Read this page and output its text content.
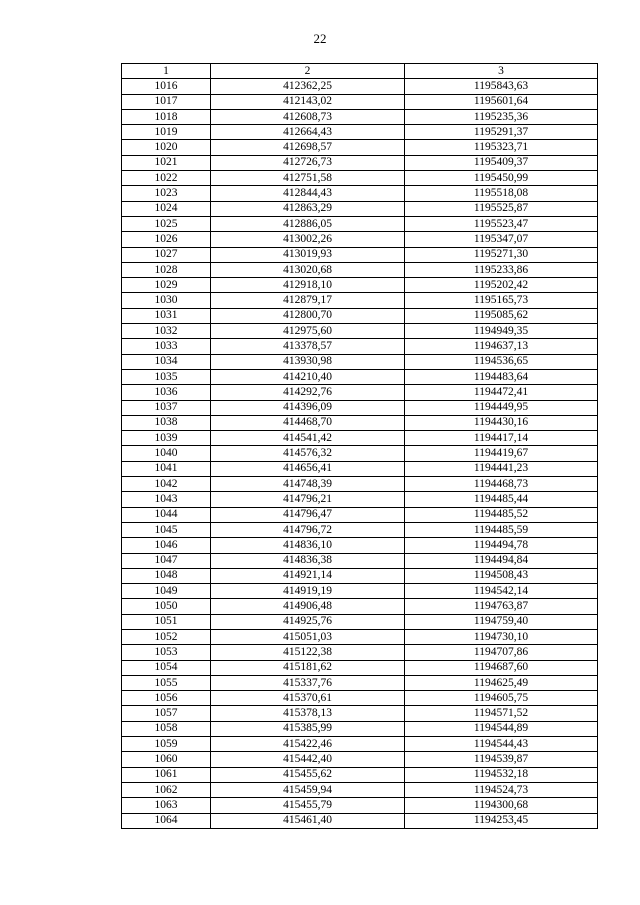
22
1	2	3
1016	412362,25	1195843,63
1017	412143,02	1195601,64
1018	412608,73	1195235,36
1019	412664,43	1195291,37
1020	412698,57	1195323,71
1021	412726,73	1195409,37
1022	412751,58	1195450,99
1023	412844,43	1195518,08
1024	412863,29	1195525,87
1025	412886,05	1195523,47
1026	413002,26	1195347,07
1027	413019,93	1195271,30
1028	413020,68	1195233,86
1029	412918,10	1195202,42
1030	412879,17	1195165,73
1031	412800,70	1195085,62
1032	412975,60	1194949,35
1033	413378,57	1194637,13
1034	413930,98	1194536,65
1035	414210,40	1194483,64
1036	414292,76	1194472,41
1037	414396,09	1194449,95
1038	414468,70	1194430,16
1039	414541,42	1194417,14
1040	414576,32	1194419,67
1041	414656,41	1194441,23
1042	414748,39	1194468,73
1043	414796,21	1194485,44
1044	414796,47	1194485,52
1045	414796,72	1194485,59
1046	414836,10	1194494,78
1047	414836,38	1194494,84
1048	414921,14	1194508,43
1049	414919,19	1194542,14
1050	414906,48	1194763,87
1051	414925,76	1194759,40
1052	415051,03	1194730,10
1053	415122,38	1194707,86
1054	415181,62	1194687,60
1055	415337,76	1194625,49
1056	415370,61	1194605,75
1057	415378,13	1194571,52
1058	415385,99	1194544,89
1059	415422,46	1194544,43
1060	415442,40	1194539,87
1061	415455,62	1194532,18
1062	415459,94	1194524,73
1063	415455,79	1194300,68
1064	415461,40	1194253,45
